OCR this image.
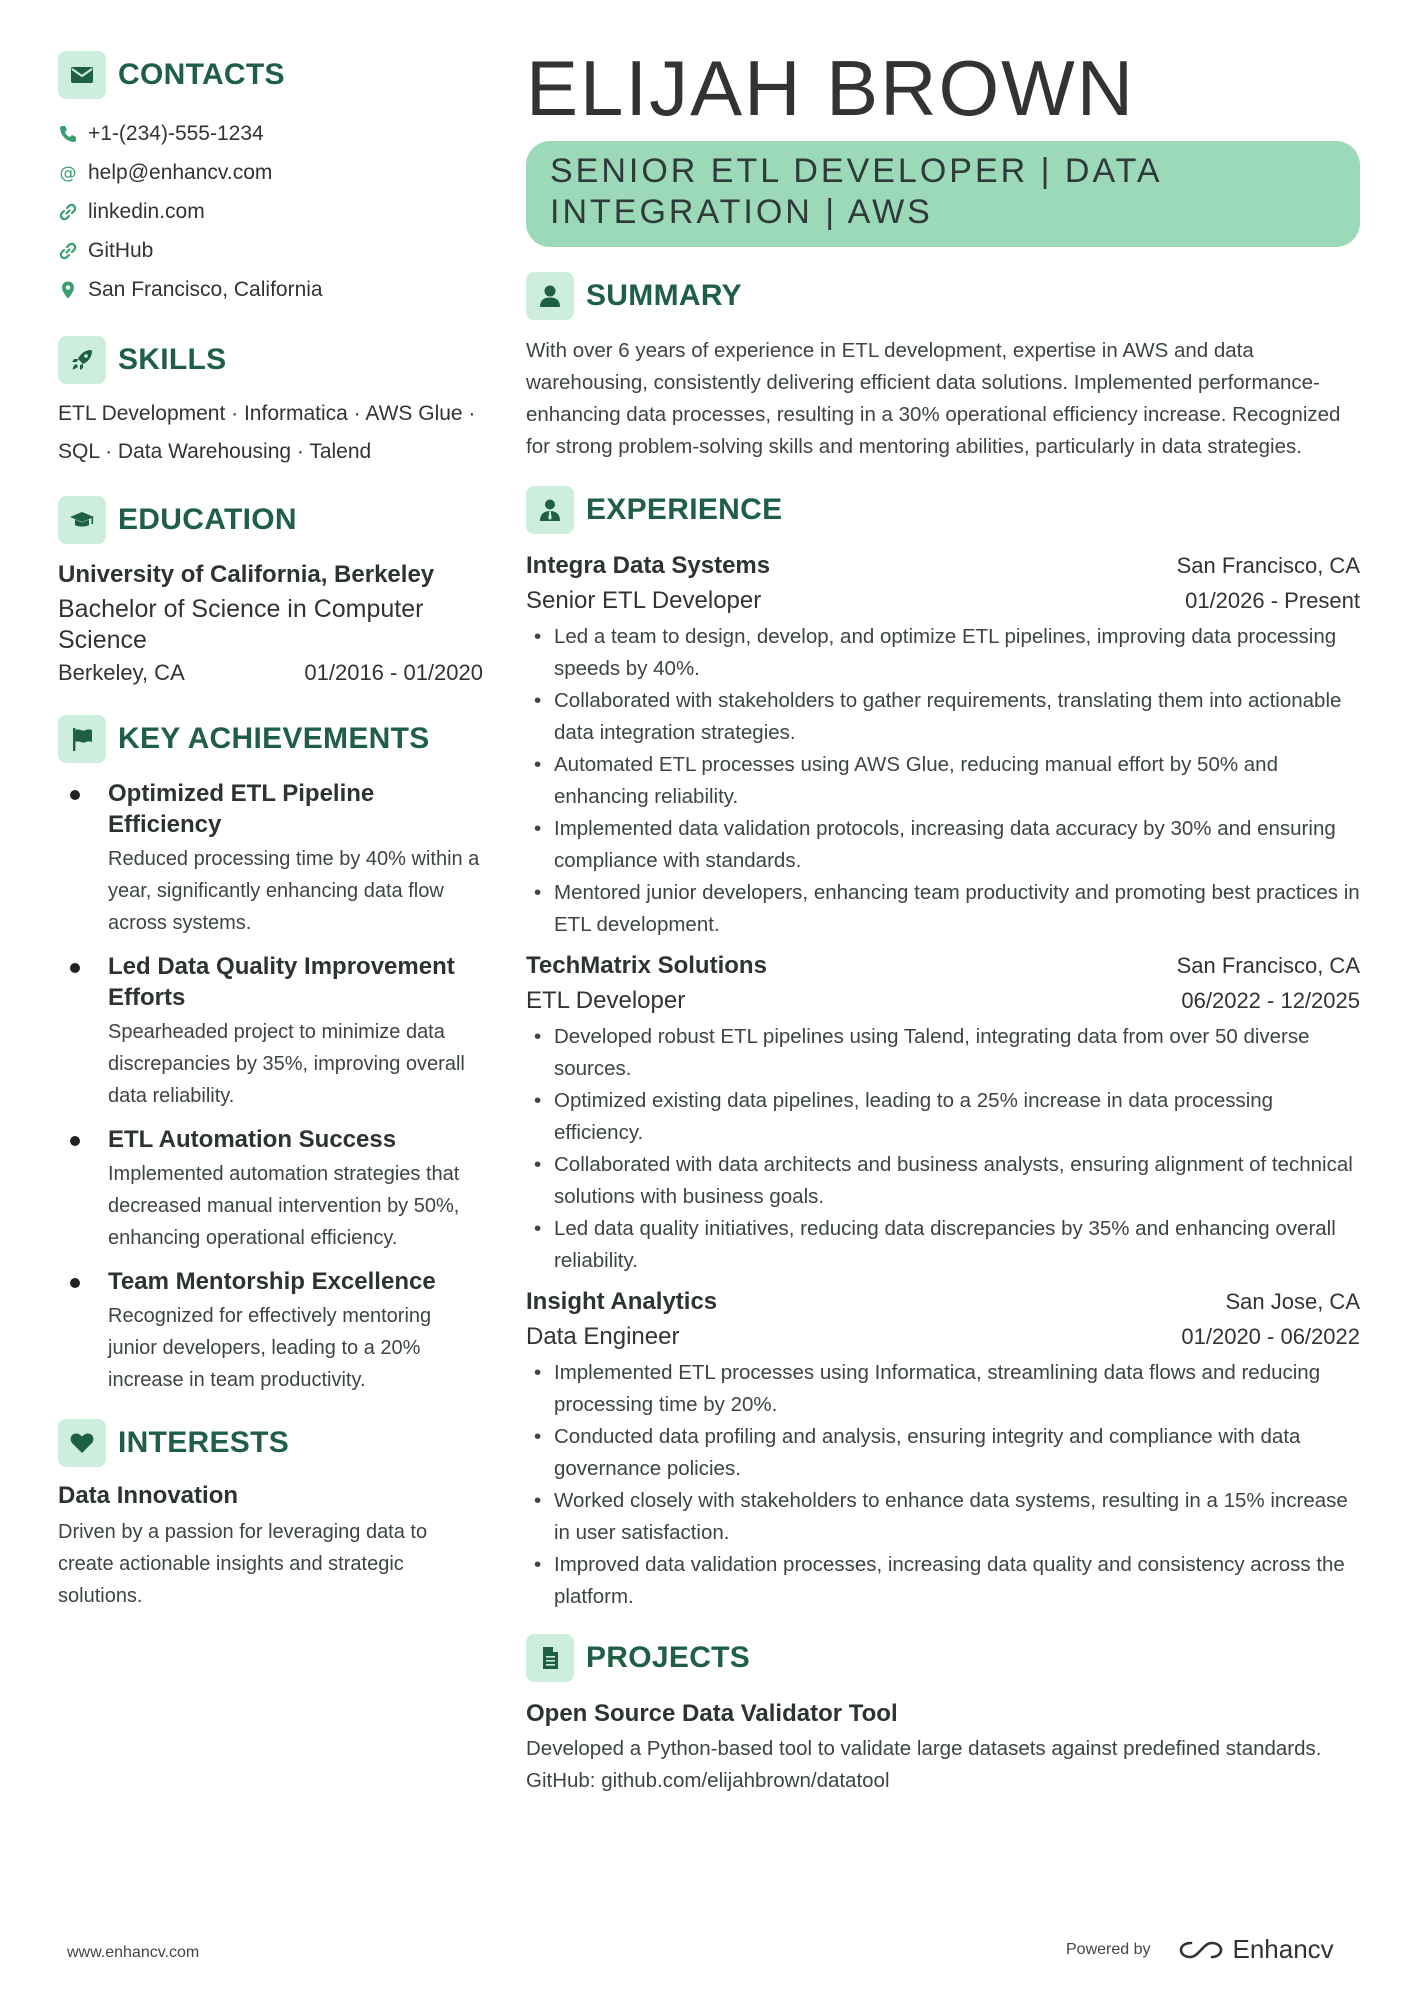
CONTACTS
+1-(234)-555-1234
@ help@enhancv.com
linkedin.com
GitHub
San Francisco, California
SKILLS
ETL Development · Informatica · AWS Glue ·
SQL · Data Warehousing · Talend
EDUCATION
University of California, Berkeley
Bachelor of Science in Computer Science
Berkeley, CA	01/2016 - 01/2020
KEY ACHIEVEMENTS
Optimized ETL Pipeline Efficiency
Reduced processing time by 40% within a year, significantly enhancing data flow across systems.
Led Data Quality Improvement Efforts
Spearheaded project to minimize data discrepancies by 35%, improving overall data reliability.
ETL Automation Success
Implemented automation strategies that decreased manual intervention by 50%, enhancing operational efficiency.
Team Mentorship Excellence
Recognized for effectively mentoring junior developers, leading to a 20% increase in team productivity.
INTERESTS
Data Innovation
Driven by a passion for leveraging data to create actionable insights and strategic solutions.
ELIJAH BROWN
SENIOR ETL DEVELOPER | DATA INTEGRATION | AWS
SUMMARY
With over 6 years of experience in ETL development, expertise in AWS and data warehousing, consistently delivering efficient data solutions. Implemented performance-enhancing data processes, resulting in a 30% operational efficiency increase. Recognized for strong problem-solving skills and mentoring abilities, particularly in data strategies.
EXPERIENCE
Integra Data Systems	San Francisco, CA
Senior ETL Developer	01/2026 - Present
• Led a team to design, develop, and optimize ETL pipelines, improving data processing speeds by 40%.
• Collaborated with stakeholders to gather requirements, translating them into actionable data integration strategies.
• Automated ETL processes using AWS Glue, reducing manual effort by 50% and enhancing reliability.
• Implemented data validation protocols, increasing data accuracy by 30% and ensuring compliance with standards.
• Mentored junior developers, enhancing team productivity and promoting best practices in ETL development.
TechMatrix Solutions	San Francisco, CA
ETL Developer	06/2022 - 12/2025
• Developed robust ETL pipelines using Talend, integrating data from over 50 diverse sources.
• Optimized existing data pipelines, leading to a 25% increase in data processing efficiency.
• Collaborated with data architects and business analysts, ensuring alignment of technical solutions with business goals.
• Led data quality initiatives, reducing data discrepancies by 35% and enhancing overall reliability.
Insight Analytics	San Jose, CA
Data Engineer	01/2020 - 06/2022
• Implemented ETL processes using Informatica, streamlining data flows and reducing processing time by 20%.
• Conducted data profiling and analysis, ensuring integrity and compliance with data governance policies.
• Worked closely with stakeholders to enhance data systems, resulting in a 15% increase in user satisfaction.
• Improved data validation processes, increasing data quality and consistency across the platform.
PROJECTS
Open Source Data Validator Tool
Developed a Python-based tool to validate large datasets against predefined standards. GitHub: github.com/elijahbrown/datatool
www.enhancv.com	Powered by	Enhancv
